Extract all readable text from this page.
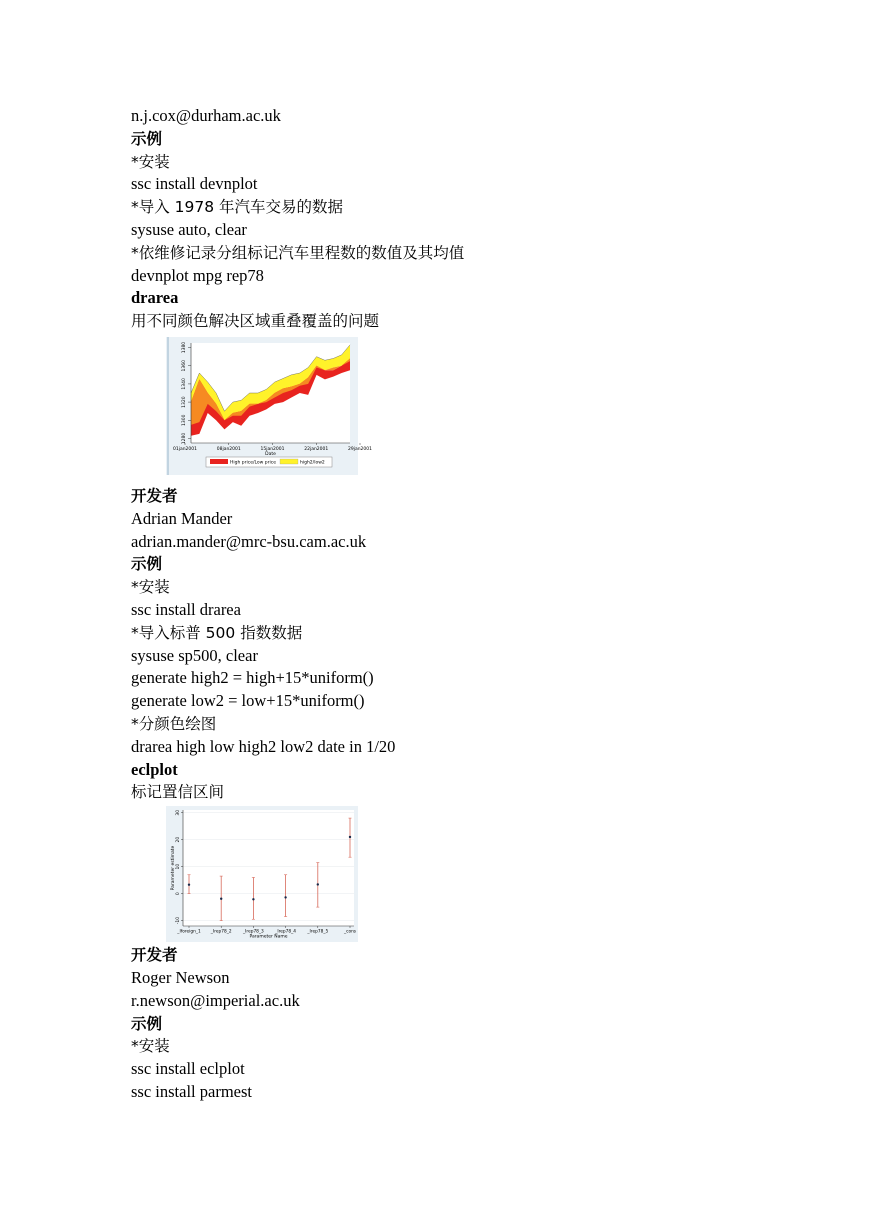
n.j.cox@durham.ac.uk
示例
*安装
ssc install devnplot
*导入 1978 年汽车交易的数据
sysuse auto, clear
*依维修记录分组标记汽车里程数的数值及其均值
devnplot mpg rep78
drarea
用不同颜色解决区域重叠覆盖的问题
1280
1300
1320
1340
1360
1380
01jan2001	08jan2001	15jan2001	22jan2001	29jan2001
Date
High price/Low price	high2/low2
开发者
Adrian Mander
adrian.mander@mrc-bsu.cam.ac.uk
示例
*安装
ssc install drarea
*导入标普 500 指数数据
sysuse sp500, clear
generate high2 = high+15*uniform()
generate low2 = low+15*uniform()
*分颜色绘图
drarea high low high2 low2 date in 1/20
eclplot
标记置信区间
-10
0
10
20
30
Parameter estimate
_Iforeign_1 _Irep78_2	_Irep78_3	_Irep78_4	_Irep78_5	_cons
Parameter Name
开发者
Roger Newson
r.newson@imperial.ac.uk
示例
*安装
ssc install eclplot
ssc install parmest
